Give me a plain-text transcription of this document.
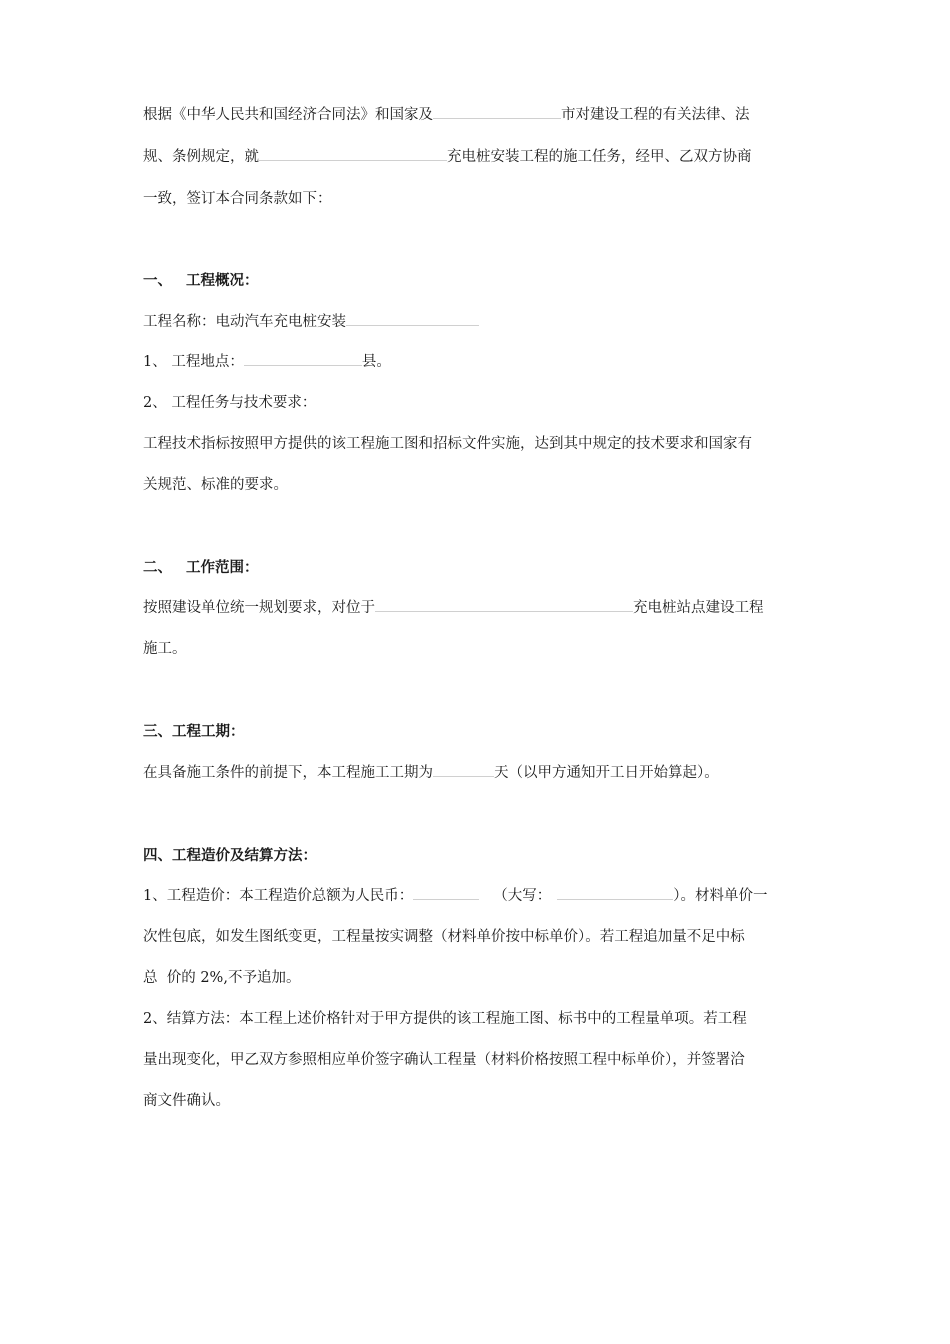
根据《中华人民共和国经济合同法》和国家及	市对建设工程的有关法律、法
规、条例规定，就	充电桩安装工程的施工任务，经甲、乙双方协商
一致，签订本合同条款如下：
一、 工程概况：
工程名称：电动汽车充电桩安装
1、 工程地点：	县。
2、 工程任务与技术要求：
工程技术指标按照甲方提供的该工程施工图和招标文件实施，达到其中规定的技术要求和国家有
关规范、标准的要求。
二、 工作范围：
按照建设单位统一规划要求，对位于	充电桩站点建设工程
施工。
三、工程工期：
在具备施工条件的前提下，本工程施工工期为	天（以甲方通知开工日开始算起）。
四、工程造价及结算方法：
1、工程造价：本工程造价总额为人民币：	（大写：	）。材料单价一
次性包底，如发生图纸变更，工程量按实调整（材料单价按中标单价）。若工程追加量不足中标
总  价的 2%,不予追加。
2、结算方法：本工程上述价格针对于甲方提供的该工程施工图、标书中的工程量单项。若工程
量出现变化，甲乙双方参照相应单价签字确认工程量（材料价格按照工程中标单价），并签署洽
商文件确认。
